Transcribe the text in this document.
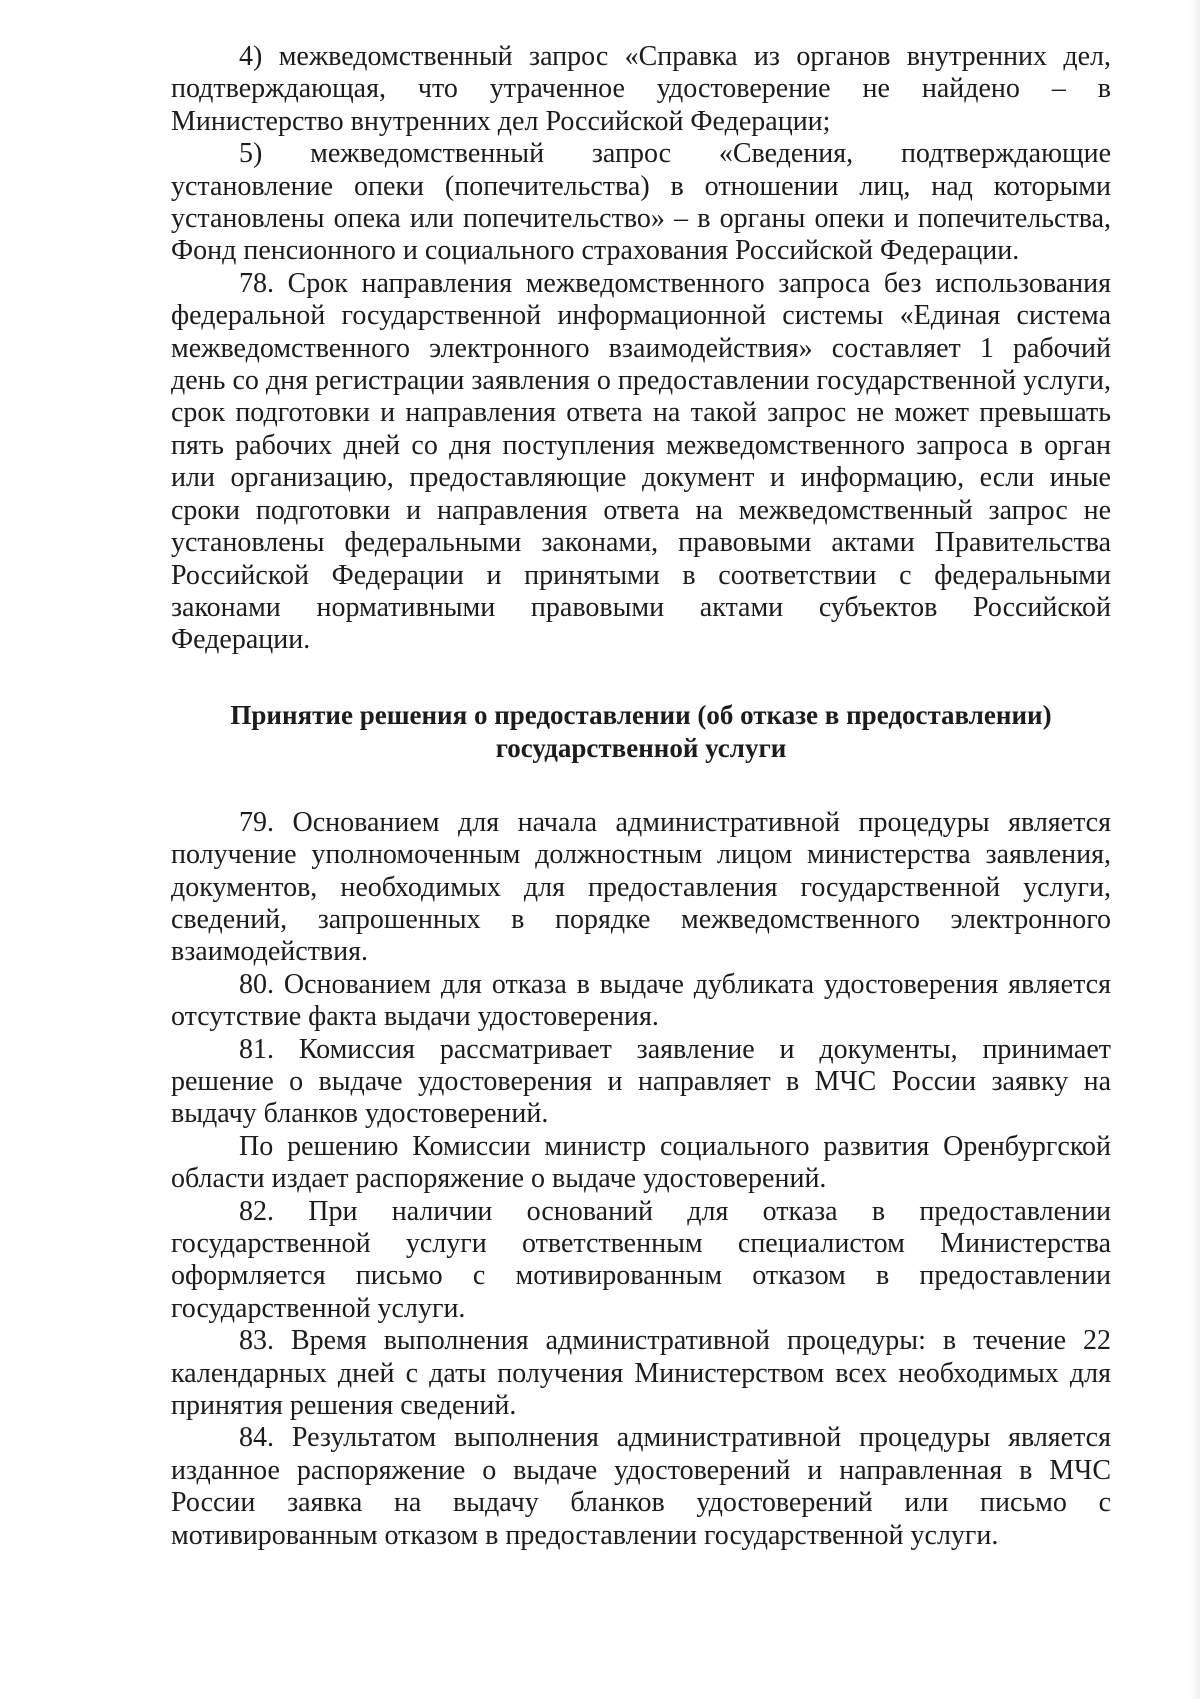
4) межведомственный запрос «Справка из органов внутренних дел, подтверждающая, что утраченное удостоверение не найдено – в Министерство внутренних дел Российской Федерации;

5) межведомственный запрос «Сведения, подтверждающие установление опеки (попечительства) в отношении лиц, над которыми установлены опека или попечительство» – в органы опеки и попечительства, Фонд пенсионного и социального страхования Российской Федерации.

78. Срок направления межведомственного запроса без использования федеральной государственной информационной системы «Единая система межведомственного электронного взаимодействия» составляет 1 рабочий день со дня регистрации заявления о предоставлении государственной услуги, срок подготовки и направления ответа на такой запрос не может превышать пять рабочих дней со дня поступления межведомственного запроса в орган или организацию, предоставляющие документ и информацию, если иные сроки подготовки и направления ответа на межведомственный запрос не установлены федеральными законами, правовыми актами Правительства Российской Федерации и принятыми в соответствии с федеральными законами нормативными правовыми актами субъектов Российской Федерации.

Принятие решения о предоставлении (об отказе в предоставлении)
государственной услуги

79. Основанием для начала административной процедуры является получение уполномоченным должностным лицом министерства заявления, документов, необходимых для предоставления государственной услуги, сведений, запрошенных в порядке межведомственного электронного взаимодействия.

80. Основанием для отказа в выдаче дубликата удостоверения является отсутствие факта выдачи удостоверения.

81. Комиссия рассматривает заявление и документы, принимает решение о выдаче удостоверения и направляет в МЧС России заявку на выдачу бланков удостоверений.

По решению Комиссии министр социального развития Оренбургской области издает распоряжение о выдаче удостоверений.

82. При наличии оснований для отказа в предоставлении государственной услуги ответственным специалистом Министерства оформляется письмо с мотивированным отказом в предоставлении государственной услуги.

83. Время выполнения административной процедуры: в течение 22 календарных дней с даты получения Министерством всех необходимых для принятия решения сведений.

84. Результатом выполнения административной процедуры является изданное распоряжение о выдаче удостоверений и направленная в МЧС России заявка на выдачу бланков удостоверений или письмо с мотивированным отказом в предоставлении государственной услуги.
